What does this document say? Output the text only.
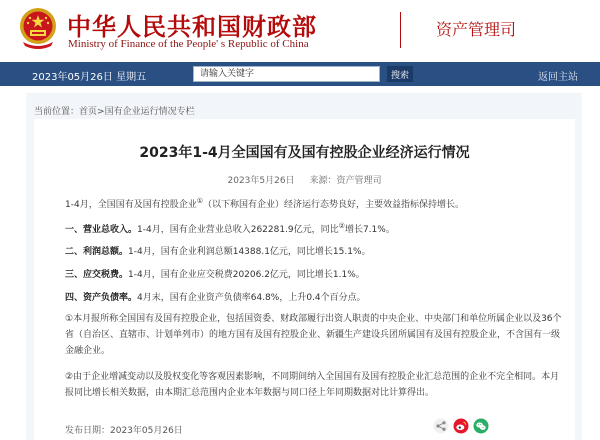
中华人民共和国财政部
Ministry of Finance of the People' s Republic of China
资产管理司
2023年05月26日 星期五
请输入关键字	搜索	返回主站
当前位置：首页>国有企业运行情况专栏
2023年1-4月全国国有及国有控股企业经济运行情况
2023年5月26日 来源：资产管理司
1-4月，全国国有及国有控股企业①（以下称国有企业）经济运行态势良好，主要效益指标保持增长。
一、营业总收入。1-4月，国有企业营业总收入262281.9亿元，同比②增长7.1%。
二、利润总额。1-4月，国有企业利润总额14388.1亿元，同比增长15.1%。
三、应交税费。1-4月，国有企业应交税费20206.2亿元，同比增长1.1%。
四、资产负债率。4月末，国有企业资产负债率64.8%，上升0.4个百分点。
①本月报所称全国国有及国有控股企业，包括国资委、财政部履行出资人职责的中央企业、中央部门和单位所属企业以及36个省（自治区、直辖市、计划单列市）的地方国有及国有控股企业、新疆生产建设兵团所属国有及国有控股企业，不含国有一级金融企业。
②由于企业增减变动以及股权变化等客观因素影响，不同期间纳入全国国有及国有控股企业汇总范围的企业不完全相同。本月报同比增长相关数据，由本期汇总范围内企业本年数据与同口径上年同期数据对比计算得出。
发布日期：2023年05月26日
